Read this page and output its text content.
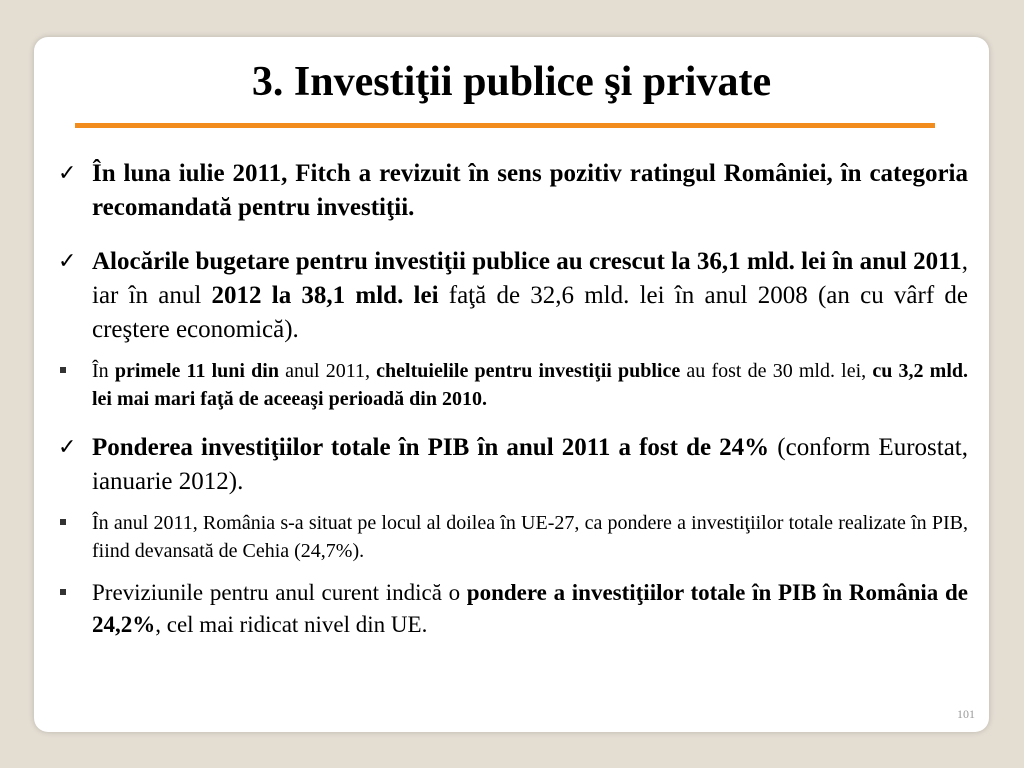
3. Investiţii publice şi private
✓ În luna iulie 2011, Fitch a revizuit în sens pozitiv ratingul României, în categoria recomandată pentru investiţii.
✓ Alocările bugetare pentru investiţii publice au crescut la 36,1 mld. lei în anul 2011, iar în anul 2012 la 38,1 mld. lei faţă de 32,6 mld. lei în anul 2008 (an cu vârf de creştere economică).
În primele 11 luni din anul 2011, cheltuielile pentru investiţii publice au fost de 30 mld. lei, cu 3,2 mld. lei mai mari faţă de aceeaşi perioadă din 2010.
✓ Ponderea investiţiilor totale în PIB în anul 2011 a fost de 24% (conform Eurostat, ianuarie 2012).
În anul 2011, România s-a situat pe locul al doilea în UE-27, ca pondere a investiţiilor totale realizate în PIB, fiind devansată de Cehia (24,7%).
Previziunile pentru anul curent indică o pondere a investiţiilor totale în PIB în România de 24,2%, cel mai ridicat nivel din UE.
101
